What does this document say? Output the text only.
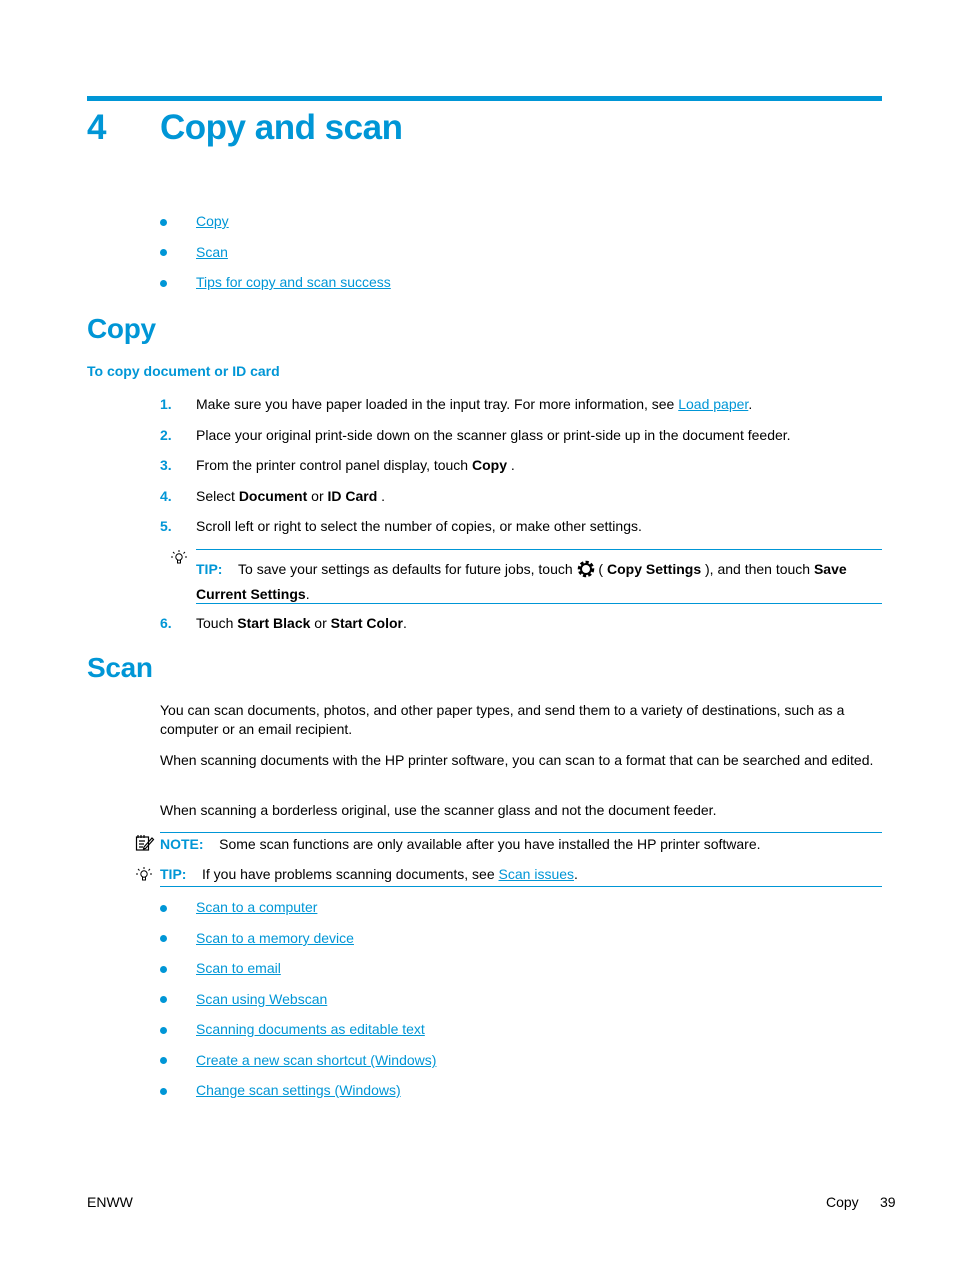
4 Copy and scan
Copy
Scan
Tips for copy and scan success
Copy
To copy document or ID card
1. Make sure you have paper loaded in the input tray. For more information, see Load paper.
2. Place your original print-side down on the scanner glass or print-side up in the document feeder.
3. From the printer control panel display, touch Copy .
4. Select Document or ID Card .
5. Scroll left or right to select the number of copies, or make other settings.
TIP: To save your settings as defaults for future jobs, touch  ( Copy Settings ), and then touch Save Current Settings.
6. Touch Start Black or Start Color.
Scan
You can scan documents, photos, and other paper types, and send them to a variety of destinations, such as a computer or an email recipient.
When scanning documents with the HP printer software, you can scan to a format that can be searched and edited.
When scanning a borderless original, use the scanner glass and not the document feeder.
NOTE: Some scan functions are only available after you have installed the HP printer software.
TIP: If you have problems scanning documents, see Scan issues.
Scan to a computer
Scan to a memory device
Scan to email
Scan using Webscan
Scanning documents as editable text
Create a new scan shortcut (Windows)
Change scan settings (Windows)
ENWW	Copy 39
